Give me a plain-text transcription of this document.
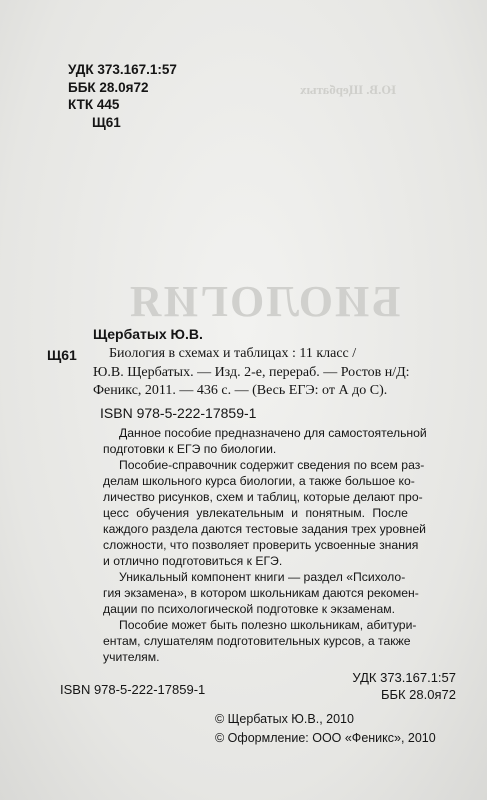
Ю.В. Щербатых
БИОЛОГИЯ
УДК 373.167.1:57
ББК 28.0я72
КТК 445
Щ61
Щербатых Ю.В.
Щ61	Биология в схемах и таблицах : 11 класс /
Ю.В. Щербатых. — Изд. 2-е, перераб. — Ростов н/Д:
Феникс, 2011. — 436 с. — (Весь ЕГЭ: от А до С).
ISBN 978-5-222-17859-1

Данное пособие предназначено для самостоятельной
подготовки к ЕГЭ по биологии.

Пособие-справочник содержит сведения по всем раз-
делам школьного курса биологии, а также большое ко-
личество рисунков, схем и таблиц, которые делают про-
цесс обучения увлекательным и понятным. После
каждого раздела даются тестовые задания трех уровней
сложности, что позволяет проверить усвоенные знания
и отлично подготовиться к ЕГЭ.

Уникальный компонент книги — раздел «Психоло-
гия экзамена», в котором школьникам даются рекомен-
дации по психологической подготовке к экзаменам.

Пособие может быть полезно школьникам, абитури-
ентам, слушателям подготовительных курсов, а также
учителям.

ISBN 978-5-222-17859-1
УДК 373.167.1:57
ББК 28.0я72
© Щербатых Ю.В., 2010
© Оформление: ООО «Феникс», 2010
